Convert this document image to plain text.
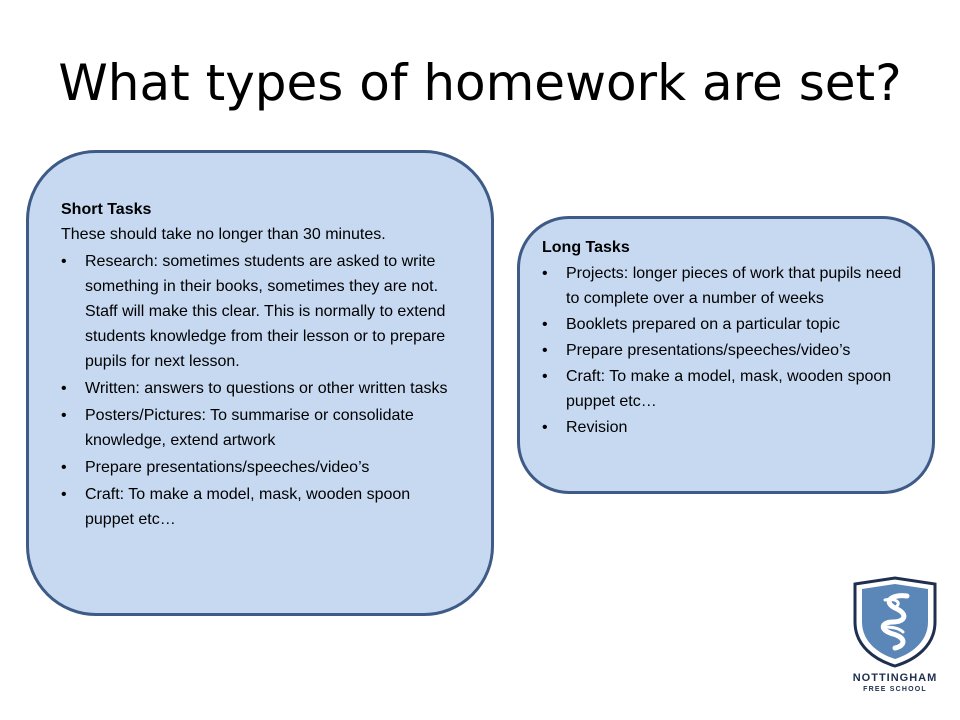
What types of homework are set?
Short Tasks
These should take no longer than 30 minutes.
• Research: sometimes students are asked to write something in their books, sometimes they are not. Staff will make this clear. This is normally to extend students knowledge from their lesson or to prepare pupils for next lesson.
• Written: answers to questions or other written tasks
• Posters/Pictures: To summarise or consolidate knowledge, extend artwork
• Prepare presentations/speeches/video’s
• Craft: To make a model, mask, wooden spoon puppet etc…
Long Tasks
• Projects: longer pieces of work that pupils need to complete over a number of weeks
• Booklets prepared on a particular topic
• Prepare presentations/speeches/video’s
• Craft: To make a model, mask, wooden spoon puppet etc…
• Revision
NOTTINGHAM
FREE SCHOOL
